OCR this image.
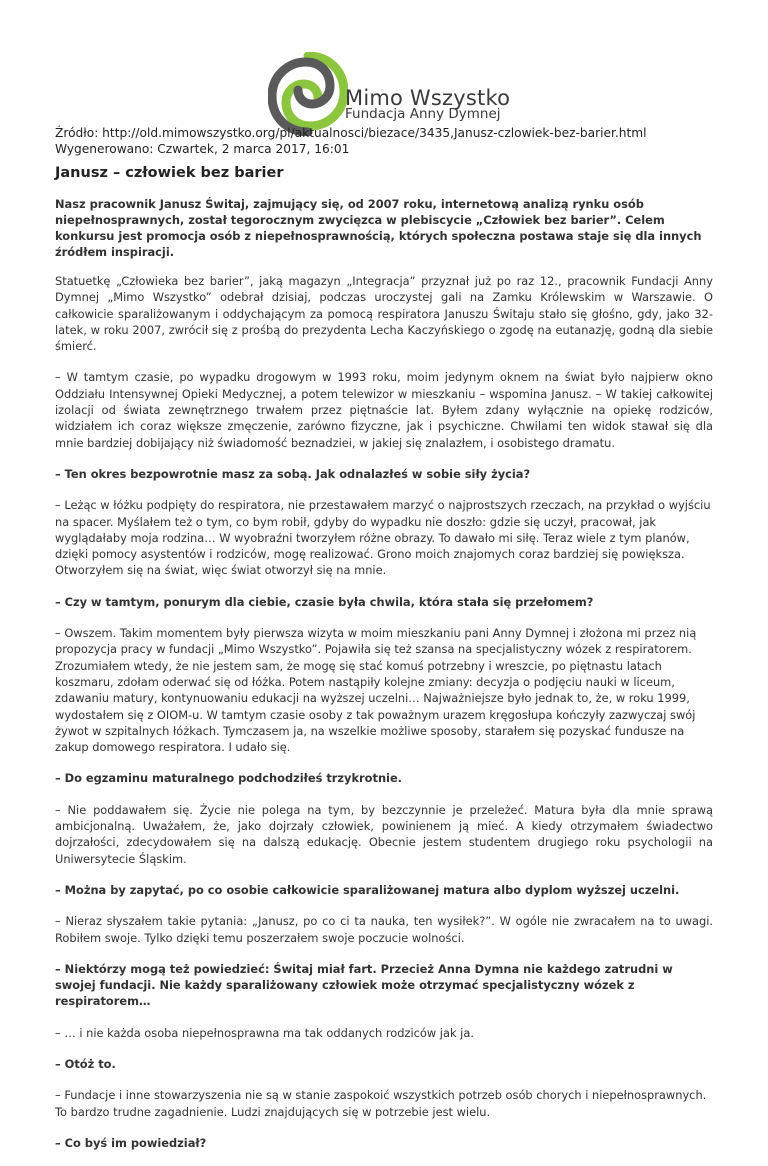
Mimo Wszystko
Fundacja Anny Dymnej
Źródło: http://old.mimowszystko.org/pl/aktualnosci/biezace/3435,Janusz-czlowiek-bez-barier.html
Wygenerowano: Czwartek, 2 marca 2017, 16:01
Janusz – człowiek bez barier

Nasz pracownik Janusz Świtaj, zajmujący się, od 2007 roku, internetową analizą rynku osób niepełnosprawnych, został tegorocznym zwycięzca w plebiscycie „Człowiek bez barier”. Celem konkursu jest promocja osób z niepełnosprawnością, których społeczna postawa staje się dla innych źródłem inspiracji.

Statuetkę „Człowieka bez barier”, jaką magazyn „Integracja” przyznał już po raz 12., pracownik Fundacji Anny Dymnej „Mimo Wszystko” odebrał dzisiaj, podczas uroczystej gali na Zamku Królewskim w Warszawie. O całkowicie sparaliżowanym i oddychającym za pomocą respiratora Januszu Świtaju stało się głośno, gdy, jako 32-latek, w roku 2007, zwrócił się z prośbą do prezydenta Lecha Kaczyńskiego o zgodę na eutanazję, godną dla siebie śmierć.

– W tamtym czasie, po wypadku drogowym w 1993 roku, moim jedynym oknem na świat było najpierw okno Oddziału Intensywnej Opieki Medycznej, a potem telewizor w mieszkaniu – wspomina Janusz. – W takiej całkowitej izolacji od świata zewnętrznego trwałem przez piętnaście lat. Byłem zdany wyłącznie na opiekę rodziców, widziałem ich coraz większe zmęczenie, zarówno fizyczne, jak i psychiczne. Chwilami ten widok stawał się dla mnie bardziej dobijający niż świadomość beznadziei, w jakiej się znalazłem, i osobistego dramatu.

– Ten okres bezpowrotnie masz za sobą. Jak odnalazłeś w sobie siły życia?

– Leżąc w łóżku podpięty do respiratora, nie przestawałem marzyć o najprostszych rzeczach, na przykład o wyjściu na spacer. Myślałem też o tym, co bym robił, gdyby do wypadku nie doszło: gdzie się uczył, pracował, jak wyglądałaby moja rodzina… W wyobraźni tworzyłem różne obrazy. To dawało mi siłę. Teraz wiele z tym planów, dzięki pomocy asystentów i rodziców, mogę realizować. Grono moich znajomych coraz bardziej się powiększa. Otworzyłem się na świat, więc świat otworzył się na mnie.

– Czy w tamtym, ponurym dla ciebie, czasie była chwila, która stała się przełomem?

– Owszem. Takim momentem były pierwsza wizyta w moim mieszkaniu pani Anny Dymnej i złożona mi przez nią propozycja pracy w fundacji „Mimo Wszystko”. Pojawiła się też szansa na specjalistyczny wózek z respiratorem. Zrozumiałem wtedy, że nie jestem sam, że mogę się stać komuś potrzebny i wreszcie, po piętnastu latach koszmaru, zdołam oderwać się od łóżka. Potem nastąpiły kolejne zmiany: decyzja o podjęciu nauki w liceum, zdawaniu matury, kontynuowaniu edukacji na wyższej uczelni… Najważniejsze było jednak to, że, w roku 1999, wydostałem się z OIOM-u. W tamtym czasie osoby z tak poważnym urazem kręgosłupa kończyły zazwyczaj swój żywot w szpitalnych łóżkach. Tymczasem ja, na wszelkie możliwe sposoby, starałem się pozyskać fundusze na zakup domowego respiratora. I udało się.

– Do egzaminu maturalnego podchodziłeś trzykrotnie.

– Nie poddawałem się. Życie nie polega na tym, by bezczynnie je przeleżeć. Matura była dla mnie sprawą ambicjonalną. Uważałem, że, jako dojrzały człowiek, powinienem ją mieć. A kiedy otrzymałem świadectwo dojrzałości, zdecydowałem się na dalszą edukację. Obecnie jestem studentem drugiego roku psychologii na Uniwersytecie Śląskim.

– Można by zapytać, po co osobie całkowicie sparaliżowanej matura albo dyplom wyższej uczelni.

– Nieraz słyszałem takie pytania: „Janusz, po co ci ta nauka, ten wysiłek?”. W ogóle nie zwracałem na to uwagi. Robiłem swoje. Tylko dzięki temu poszerzałem swoje poczucie wolności.

– Niektórzy mogą też powiedzieć: Świtaj miał fart. Przecież Anna Dymna nie każdego zatrudni w swojej fundacji. Nie każdy sparaliżowany człowiek może otrzymać specjalistyczny wózek z respiratorem…

– … i nie każda osoba niepełnosprawna ma tak oddanych rodziców jak ja.

– Otóż to.

– Fundacje i inne stowarzyszenia nie są w stanie zaspokoić wszystkich potrzeb osób chorych i niepełnosprawnych. To bardzo trudne zagadnienie. Ludzi znajdujących się w potrzebie jest wielu.

– Co byś im powiedział?
